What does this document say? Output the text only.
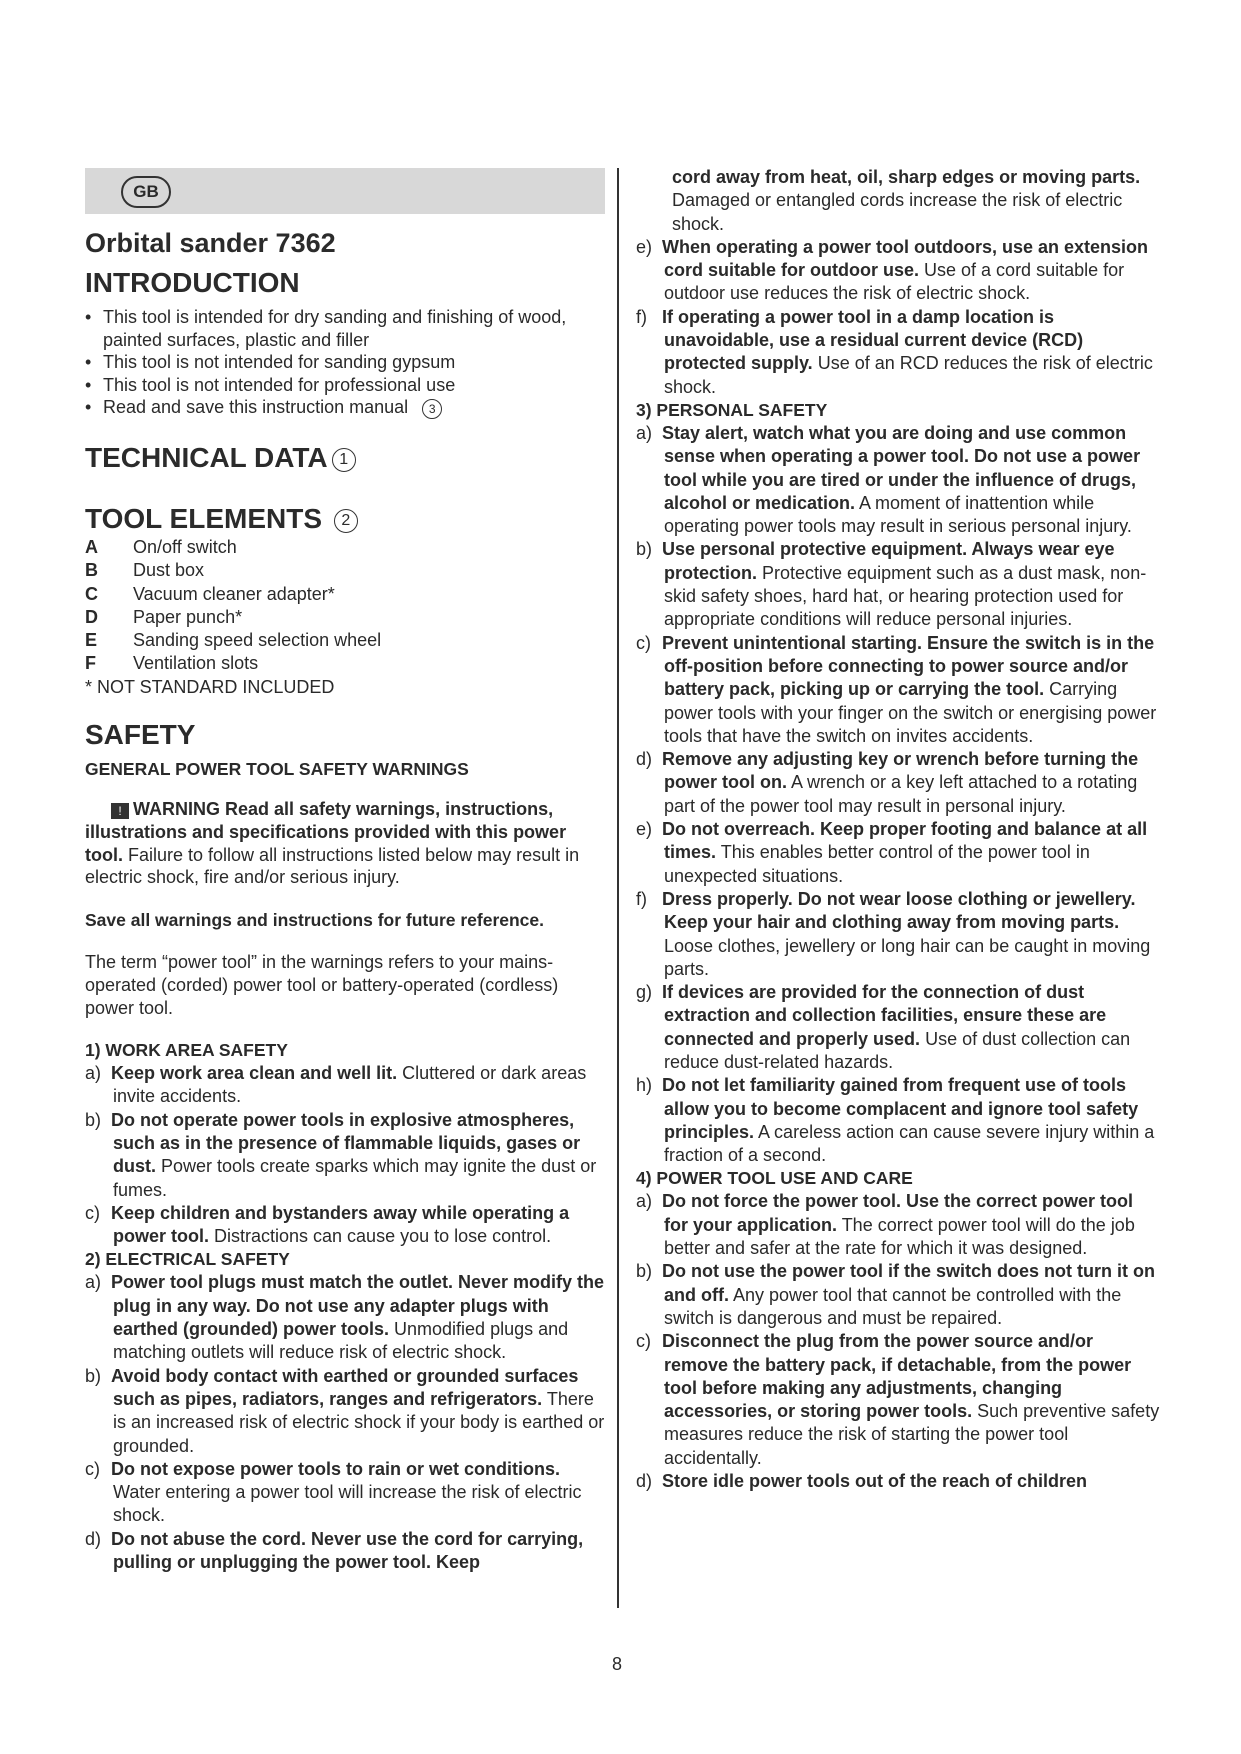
GB
Orbital sander 7362
INTRODUCTION
• This tool is intended for dry sanding and finishing of wood, painted surfaces, plastic and filler
• This tool is not intended for sanding gypsum
• This tool is not intended for professional use
• Read and save this instruction manual 3
TECHNICAL DATA 1
TOOL ELEMENTS 2
A	On/off switch
B	Dust box
C	Vacuum cleaner adapter*
D	Paper punch*
E	Sanding speed selection wheel
F	Ventilation slots
* NOT STANDARD INCLUDED
SAFETY
GENERAL POWER TOOL SAFETY WARNINGS
! WARNING Read all safety warnings, instructions, illustrations and specifications provided with this power tool. Failure to follow all instructions listed below may result in electric shock, fire and/or serious injury.
Save all warnings and instructions for future reference.
The term “power tool” in the warnings refers to your mains-operated (corded) power tool or battery-operated (cordless) power tool.
1) WORK AREA SAFETY
a) Keep work area clean and well lit. Cluttered or dark areas invite accidents.
b) Do not operate power tools in explosive atmospheres, such as in the presence of flammable liquids, gases or dust. Power tools create sparks which may ignite the dust or fumes.
c) Keep children and bystanders away while operating a power tool. Distractions can cause you to lose control.
2) ELECTRICAL SAFETY
a) Power tool plugs must match the outlet. Never modify the plug in any way. Do not use any adapter plugs with earthed (grounded) power tools. Unmodified plugs and matching outlets will reduce risk of electric shock.
b) Avoid body contact with earthed or grounded surfaces such as pipes, radiators, ranges and refrigerators. There is an increased risk of electric shock if your body is earthed or grounded.
c) Do not expose power tools to rain or wet conditions. Water entering a power tool will increase the risk of electric shock.
d) Do not abuse the cord. Never use the cord for carrying, pulling or unplugging the power tool. Keep
cord away from heat, oil, sharp edges or moving parts. Damaged or entangled cords increase the risk of electric shock.
e) When operating a power tool outdoors, use an extension cord suitable for outdoor use. Use of a cord suitable for outdoor use reduces the risk of electric shock.
f) If operating a power tool in a damp location is unavoidable, use a residual current device (RCD) protected supply. Use of an RCD reduces the risk of electric shock.
3) PERSONAL SAFETY
a) Stay alert, watch what you are doing and use common sense when operating a power tool. Do not use a power tool while you are tired or under the influence of drugs, alcohol or medication. A moment of inattention while operating power tools may result in serious personal injury.
b) Use personal protective equipment. Always wear eye protection. Protective equipment such as a dust mask, non-skid safety shoes, hard hat, or hearing protection used for appropriate conditions will reduce personal injuries.
c) Prevent unintentional starting. Ensure the switch is in the off-position before connecting to power source and/or battery pack, picking up or carrying the tool. Carrying power tools with your finger on the switch or energising power tools that have the switch on invites accidents.
d) Remove any adjusting key or wrench before turning the power tool on. A wrench or a key left attached to a rotating part of the power tool may result in personal injury.
e) Do not overreach. Keep proper footing and balance at all times. This enables better control of the power tool in unexpected situations.
f) Dress properly. Do not wear loose clothing or jewellery. Keep your hair and clothing away from moving parts. Loose clothes, jewellery or long hair can be caught in moving parts.
g) If devices are provided for the connection of dust extraction and collection facilities, ensure these are connected and properly used. Use of dust collection can reduce dust-related hazards.
h) Do not let familiarity gained from frequent use of tools allow you to become complacent and ignore tool safety principles. A careless action can cause severe injury within a fraction of a second.
4) POWER TOOL USE AND CARE
a) Do not force the power tool. Use the correct power tool for your application. The correct power tool will do the job better and safer at the rate for which it was designed.
b) Do not use the power tool if the switch does not turn it on and off. Any power tool that cannot be controlled with the switch is dangerous and must be repaired.
c) Disconnect the plug from the power source and/or remove the battery pack, if detachable, from the power tool before making any adjustments, changing accessories, or storing power tools. Such preventive safety measures reduce the risk of starting the power tool accidentally.
d) Store idle power tools out of the reach of children
8
